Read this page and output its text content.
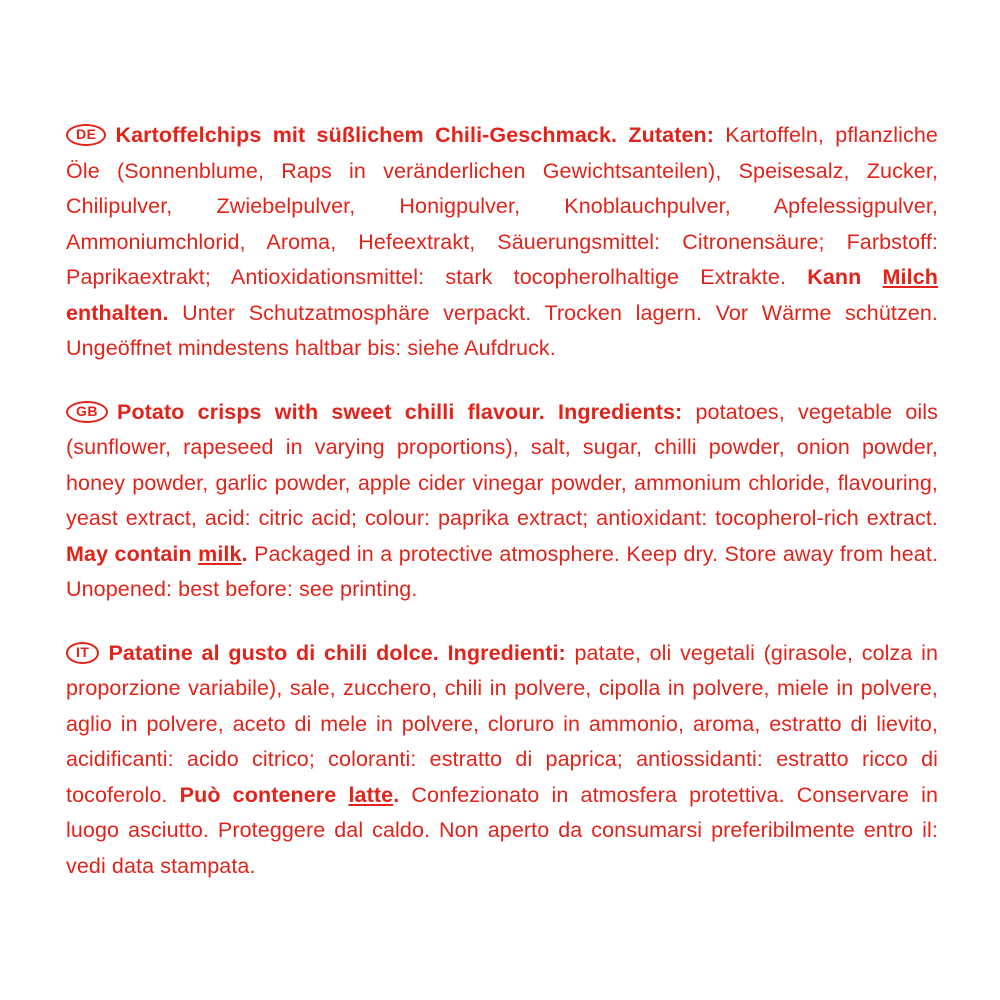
DE Kartoffelchips mit süßlichem Chili-Geschmack. Zutaten: Kartoffeln, pflanzliche Öle (Sonnenblume, Raps in veränderlichen Gewichtsanteilen), Speisesalz, Zucker, Chilipulver, Zwiebelpulver, Honigpulver, Knoblauchpulver, Apfelessigpulver, Ammoniumchlorid, Aroma, Hefeextrakt, Säuerungsmittel: Citronensäure; Farbstoff: Paprikaextrakt; Antioxidationsmittel: stark tocopherolhaltige Extrakte. Kann Milch enthalten. Unter Schutzatmosphäre verpackt. Trocken lagern. Vor Wärme schützen. Ungeöffnet mindestens haltbar bis: siehe Aufdruck.

GB Potato crisps with sweet chilli flavour. Ingredients: potatoes, vegetable oils (sunflower, rapeseed in varying proportions), salt, sugar, chilli powder, onion powder, honey powder, garlic powder, apple cider vinegar powder, ammonium chloride, flavouring, yeast extract, acid: citric acid; colour: paprika extract; antioxidant: tocopherol-rich extract. May contain milk. Packaged in a protective atmosphere. Keep dry. Store away from heat. Unopened: best before: see printing.

IT Patatine al gusto di chili dolce. Ingredienti: patate, oli vegetali (girasole, colza in proporzione variabile), sale, zucchero, chili in polvere, cipolla in polvere, miele in polvere, aglio in polvere, aceto di mele in polvere, cloruro in ammonio, aroma, estratto di lievito, acidificanti: acido citrico; coloranti: estratto di paprica; antiossidanti: estratto ricco di tocoferolo. Può contenere latte. Confezionato in atmosfera protettiva. Conservare in luogo asciutto. Proteggere dal caldo. Non aperto da consumarsi preferibilmente entro il: vedi data stampata.
